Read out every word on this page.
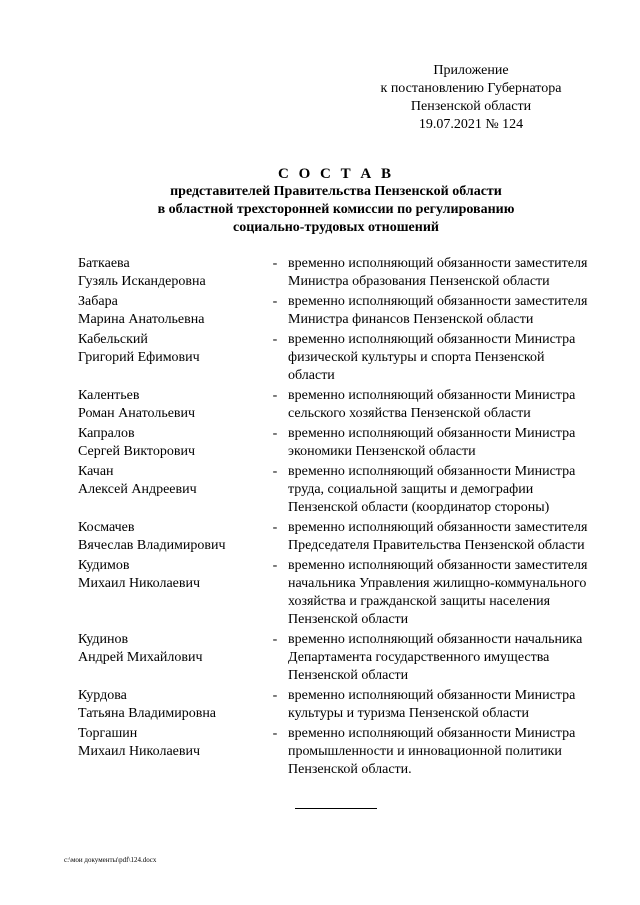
Приложение
к постановлению Губернатора
Пензенской области
19.07.2021 № 124
С О С Т А В
представителей Правительства Пензенской области
в областной трехсторонней комиссии по регулированию
социально-трудовых отношений
Баткаева
Гузяль Искандеровна
- временно исполняющий обязанности заместителя
Министра образования Пензенской области
Забара
Марина Анатольевна
- временно исполняющий обязанности заместителя
Министра финансов Пензенской области
Кабельский
Григорий Ефимович
- временно исполняющий обязанности Министра
физической культуры и спорта Пензенской
области
Калентьев
Роман Анатольевич
- временно исполняющий обязанности Министра
сельского хозяйства Пензенской области
Капралов
Сергей Викторович
- временно исполняющий обязанности Министра
экономики Пензенской области
Качан
Алексей Андреевич
- временно исполняющий обязанности Министра
труда, социальной защиты и демографии
Пензенской области (координатор стороны)
Космачев
Вячеслав Владимирович
- временно исполняющий обязанности заместителя
Председателя Правительства Пензенской области
Кудимов
Михаил Николаевич
- временно исполняющий обязанности заместителя
начальника Управления жилищно-коммунального
хозяйства и гражданской защиты населения
Пензенской области
Кудинов
Андрей Михайлович
- временно исполняющий обязанности начальника
Департамента государственного имущества
Пензенской области
Курдова
Татьяна Владимировна
- временно исполняющий обязанности Министра
культуры и туризма Пензенской области
Торгашин
Михаил Николаевич
- временно исполняющий обязанности Министра
промышленности и инновационной политики
Пензенской области.
c:\мои документы\pdf\124.docx
